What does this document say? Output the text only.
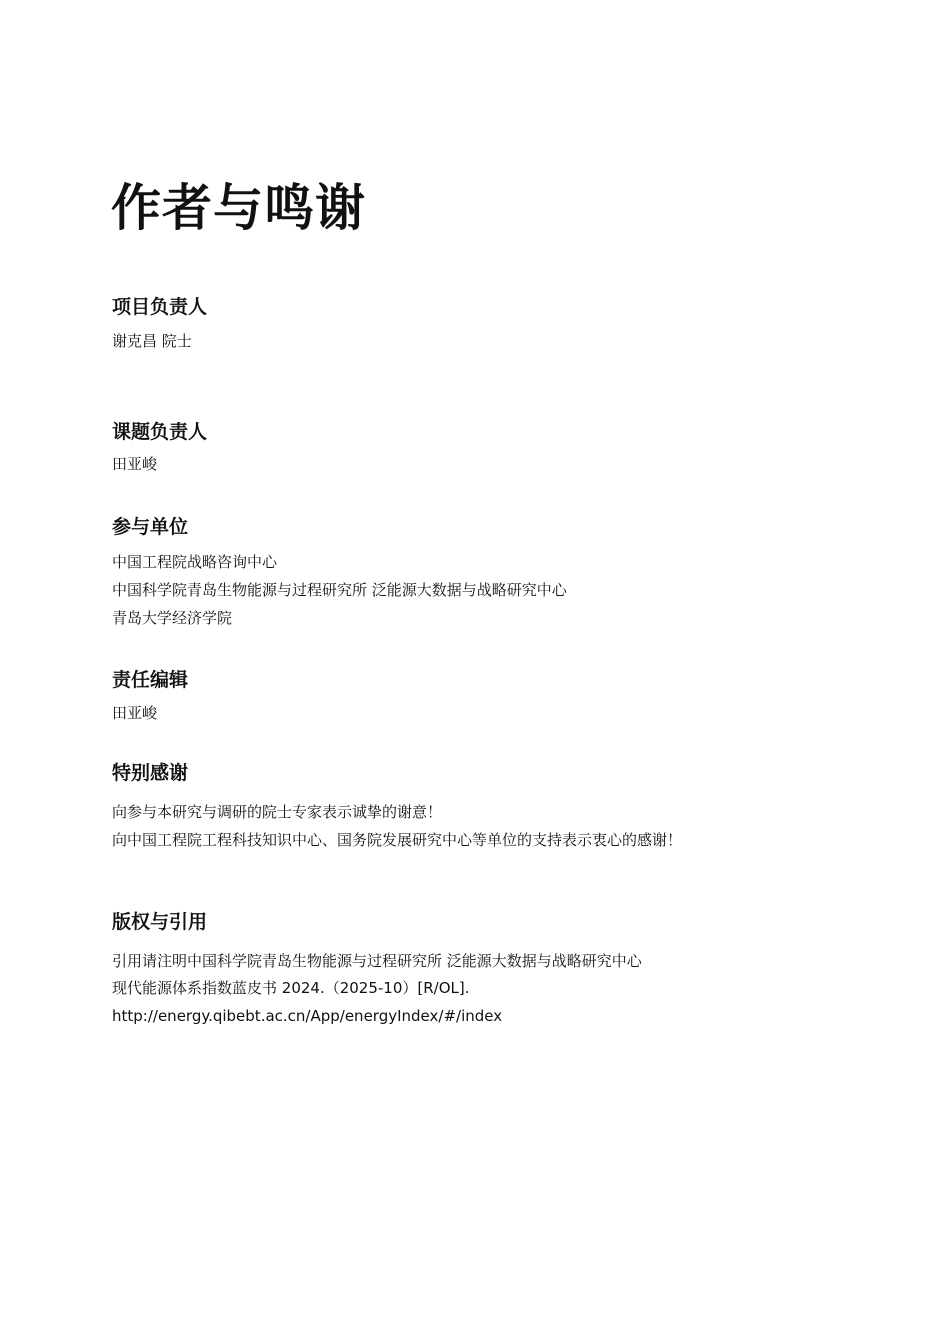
作者与鸣谢
项目负责人

谢克昌 院士

课题负责人

田亚峻

参与单位

中国工程院战略咨询中心

中国科学院青岛生物能源与过程研究所 泛能源大数据与战略研究中心

青岛大学经济学院

责任编辑

田亚峻

特别感谢

向参与本研究与调研的院士专家表示诚挚的谢意！

向中国工程院工程科技知识中心、国务院发展研究中心等单位的支持表示衷心的感谢！

版权与引用

引用请注明中国科学院青岛生物能源与过程研究所 泛能源大数据与战略研究中心

现代能源体系指数蓝皮书 2024.（2025-10）[R/OL].

http://energy.qibebt.ac.cn/App/energyIndex/#/index
